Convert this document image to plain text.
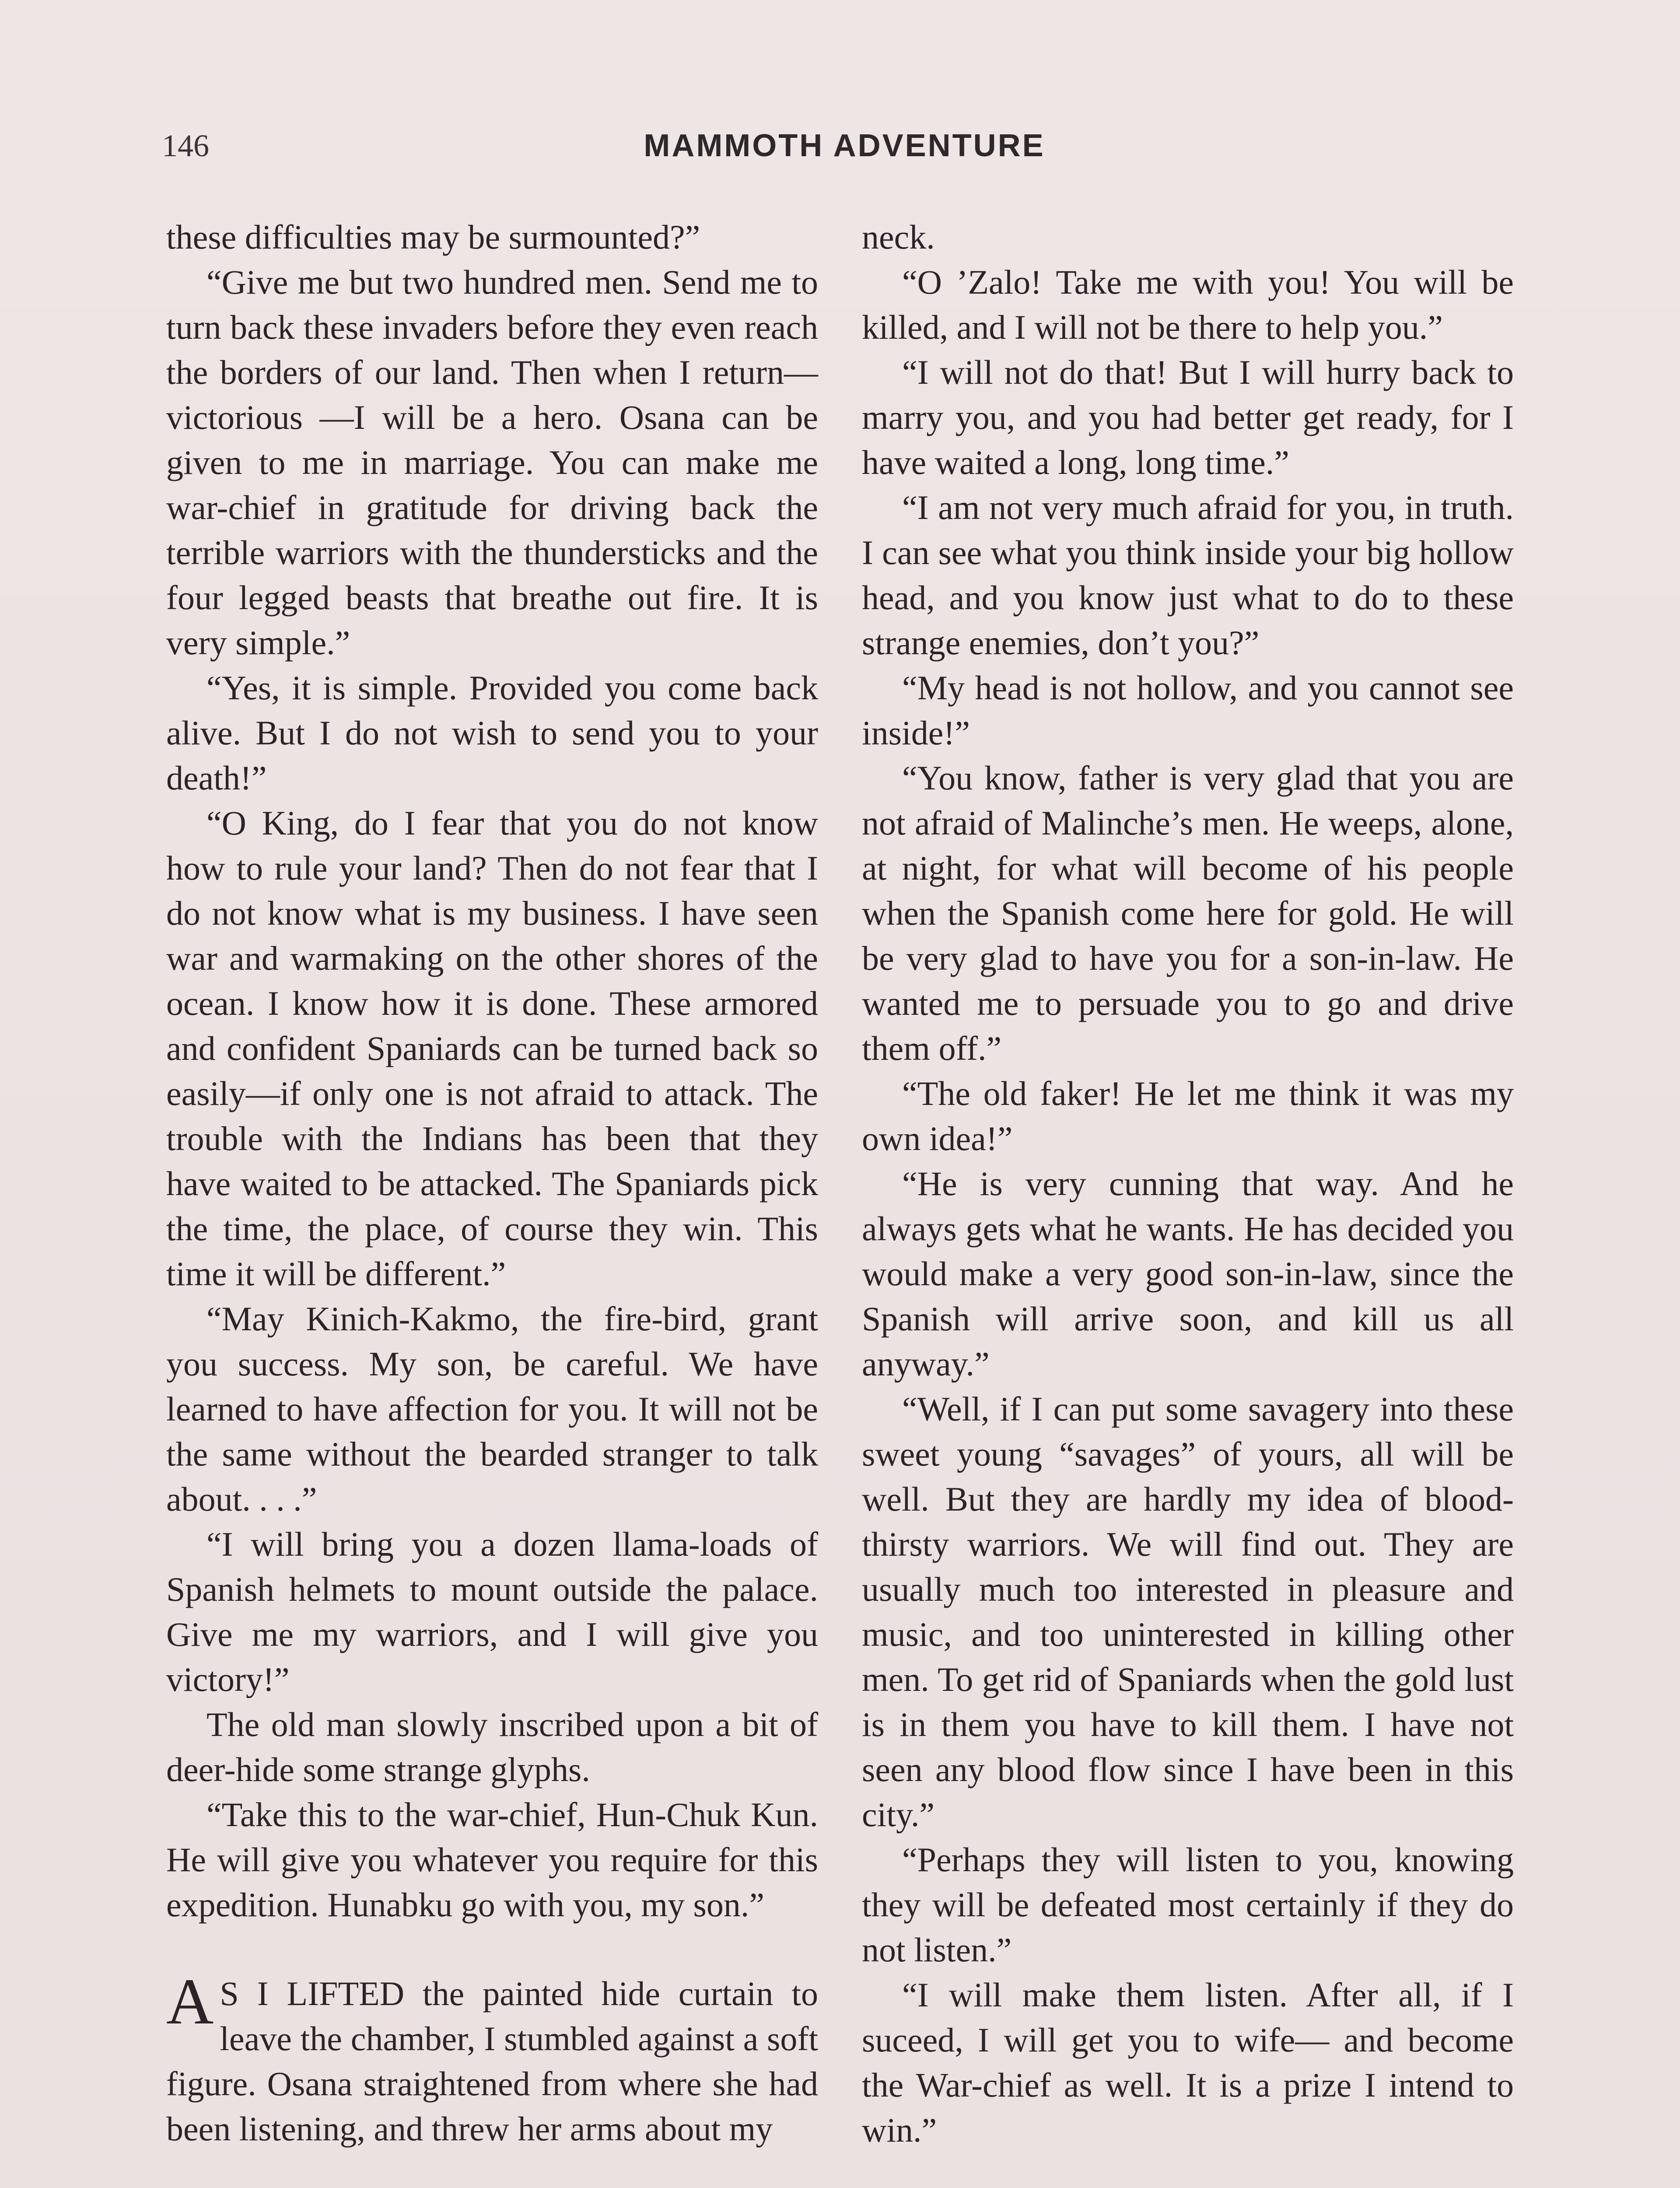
146	MAMMOTH ADVENTURE

these difficulties may be surmounted?”

“Give me but two hundred men. Send me to turn back these invaders before they even reach the borders of our land. Then when I return—victorious —I will be a hero. Osana can be given to me in marriage. You can make me war-chief in gratitude for driving back the terrible warriors with the thundersticks and the four legged beasts that breathe out fire. It is very simple.”

“Yes, it is simple. Provided you come back alive. But I do not wish to send you to your death!”

“O King, do I fear that you do not know how to rule your land? Then do not fear that I do not know what is my business. I have seen war and warmaking on the other shores of the ocean. I know how it is done. These armored and confident Spaniards can be turned back so easily—if only one is not afraid to attack. The trouble with the Indians has been that they have waited to be attacked. The Spaniards pick the time, the place, of course they win. This time it will be different.”

“May Kinich-Kakmo, the fire-bird, grant you success. My son, be careful. We have learned to have affection for you. It will not be the same without the bearded stranger to talk about. . . .”

“I will bring you a dozen llama-loads of Spanish helmets to mount outside the palace. Give me my warriors, and I will give you victory!”

The old man slowly inscribed upon a bit of deer-hide some strange glyphs.

“Take this to the war-chief, Hun-Chuk Kun. He will give you whatever you require for this expedition. Hunabku go with you, my son.”

A S I LIFTED the painted hide curtain to leave the chamber, I stumbled against a soft figure. Osana straightened from where she had been listening, and threw her arms about my

neck.

“O ’Zalo! Take me with you! You will be killed, and I will not be there to help you.”

“I will not do that! But I will hurry back to marry you, and you had better get ready, for I have waited a long, long time.”

“I am not very much afraid for you, in truth. I can see what you think inside your big hollow head, and you know just what to do to these strange enemies, don’t you?”

“My head is not hollow, and you cannot see inside!”

“You know, father is very glad that you are not afraid of Malinche’s men. He weeps, alone, at night, for what will become of his people when the Spanish come here for gold. He will be very glad to have you for a son-in-law. He wanted me to persuade you to go and drive them off.”

“The old faker! He let me think it was my own idea!”

“He is very cunning that way. And he always gets what he wants. He has decided you would make a very good son-in-law, since the Spanish will arrive soon, and kill us all anyway.”

“Well, if I can put some savagery into these sweet young “savages” of yours, all will be well. But they are hardly my idea of blood-thirsty warriors. We will find out. They are usually much too interested in pleasure and music, and too uninterested in killing other men. To get rid of Spaniards when the gold lust is in them you have to kill them. I have not seen any blood flow since I have been in this city.”

“Perhaps they will listen to you, knowing they will be defeated most certainly if they do not listen.”

“I will make them listen. After all, if I suceed, I will get you to wife— and become the War-chief as well. It is a prize I intend to win.”
